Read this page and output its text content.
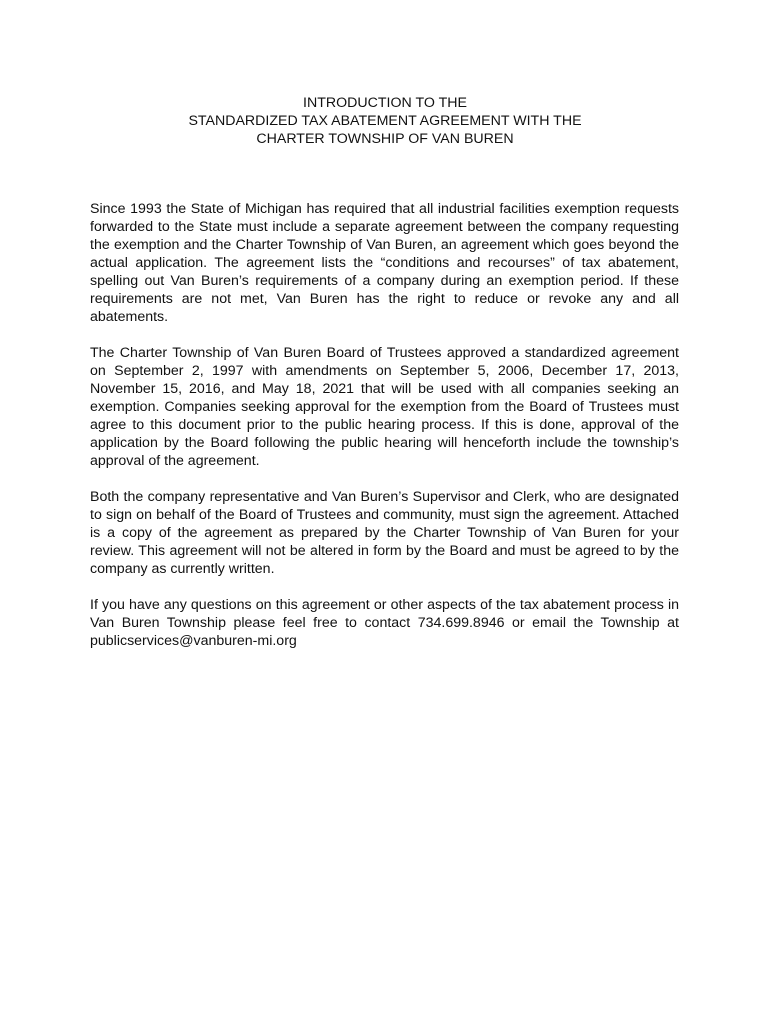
INTRODUCTION TO THE
STANDARDIZED TAX ABATEMENT AGREEMENT WITH THE
CHARTER TOWNSHIP OF VAN BUREN

Since 1993 the State of Michigan has required that all industrial facilities exemption requests forwarded to the State must include a separate agreement between the company requesting the exemption and the Charter Township of Van Buren, an agreement which goes beyond the actual application. The agreement lists the “conditions and recourses” of tax abatement, spelling out Van Buren’s requirements of a company during an exemption period. If these requirements are not met, Van Buren has the right to reduce or revoke any and all abatements.

The Charter Township of Van Buren Board of Trustees approved a standardized agreement on September 2, 1997 with amendments on September 5, 2006, December 17, 2013, November 15, 2016, and May 18, 2021 that will be used with all companies seeking an exemption. Companies seeking approval for the exemption from the Board of Trustees must agree to this document prior to the public hearing process. If this is done, approval of the application by the Board following the public hearing will henceforth include the township’s approval of the agreement.

Both the company representative and Van Buren’s Supervisor and Clerk, who are designated to sign on behalf of the Board of Trustees and community, must sign the agreement. Attached is a copy of the agreement as prepared by the Charter Township of Van Buren for your review. This agreement will not be altered in form by the Board and must be agreed to by the company as currently written.

If you have any questions on this agreement or other aspects of the tax abatement process in Van Buren Township please feel free to contact 734.699.8946 or email the Township at publicservices@vanburen-mi.org
